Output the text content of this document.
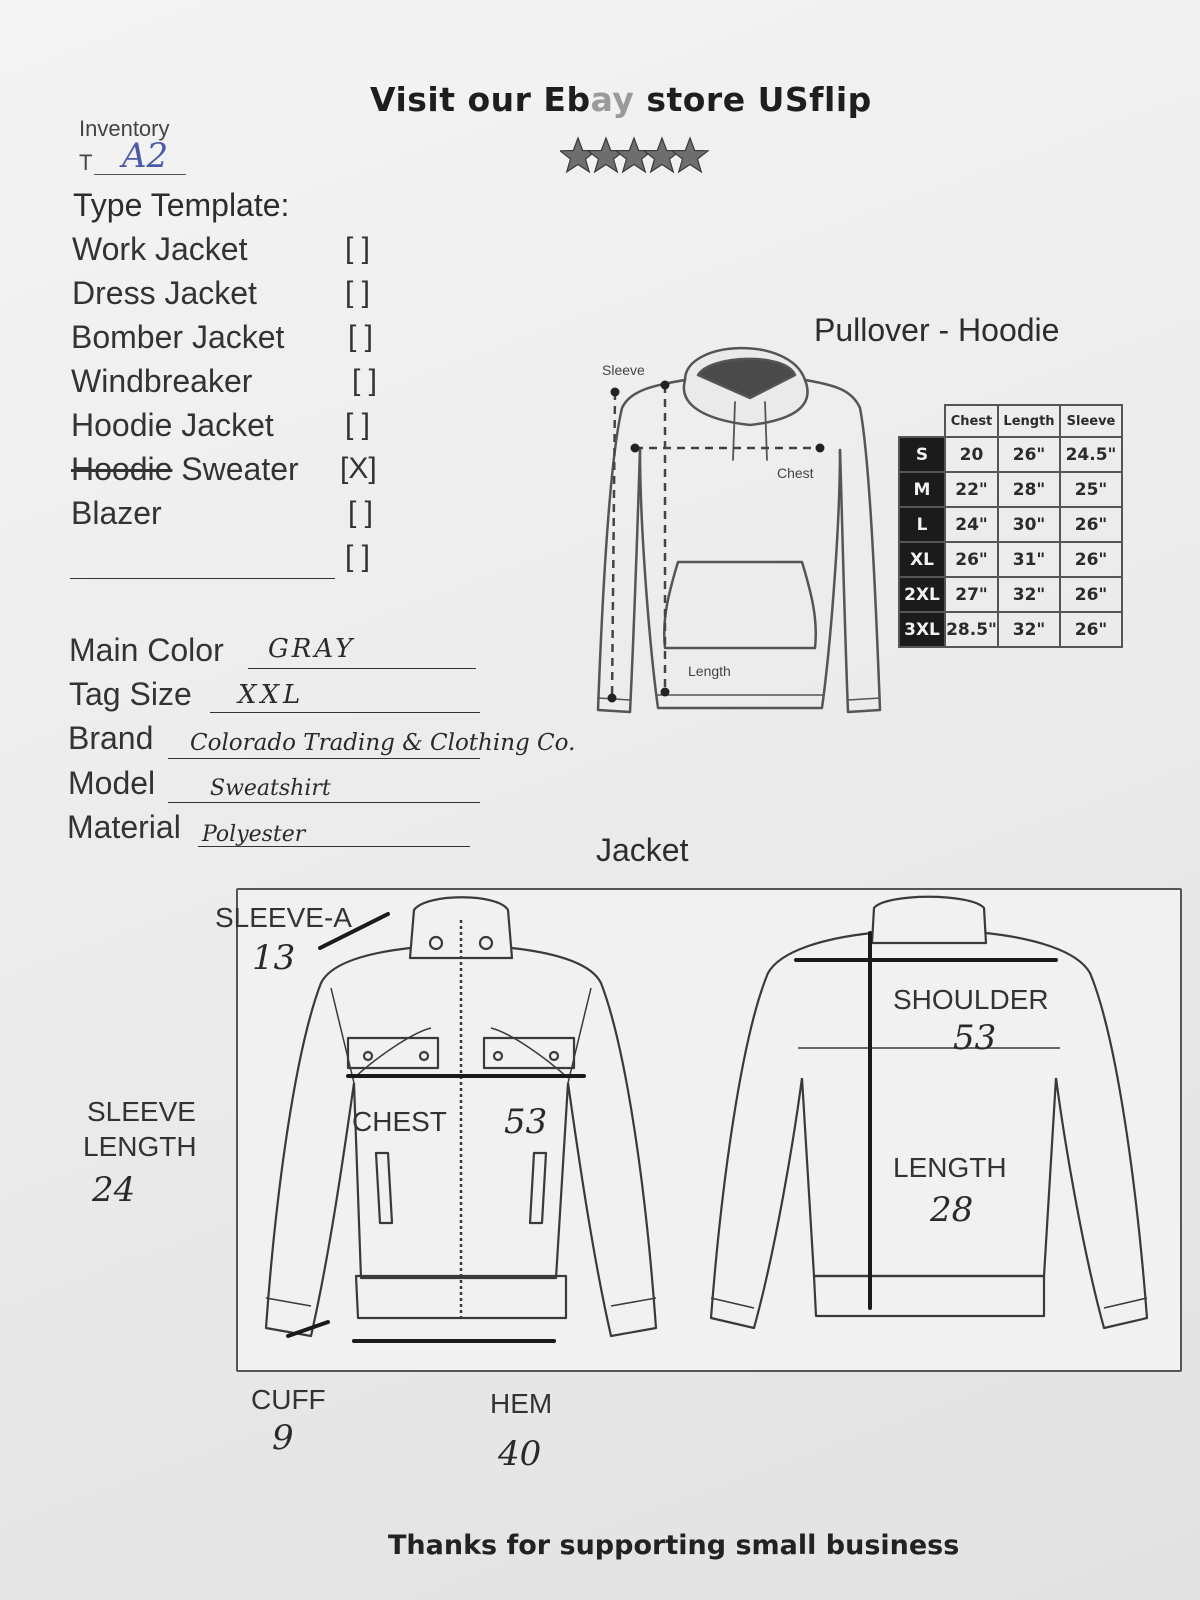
Visit our Ebay store USflip
Inventory
T A2
Type Template:
Work Jacket	[ ]
Dress Jacket	[ ]
Bomber Jacket [ ]
Windbreaker	[ ]
Hoodie Jacket [ ]
Hoodie Sweater [X]
Blazer	[ ]
[ ]
Main Color GRAY
Tag Size XXL
Brand Colorado Trading & Clothing Co.
Model Sweatshirt
Material Polyester
Pullover - Hoodie
Sleeve
Chest
Length
	Chest	Length	Sleeve
S	20	26"	24.5"
M	22"	28"	25"
L	24"	30"	26"
XL	26"	31"	26"
2XL	27"	32"	26"
3XL	28.5"	32"	26"
Jacket
SLEEVE-A
13
SLEEVE
LENGTH
24
CHEST 53
SHOULDER
53
LENGTH
28
CUFF
9
HEM
40
Thanks for supporting small business
